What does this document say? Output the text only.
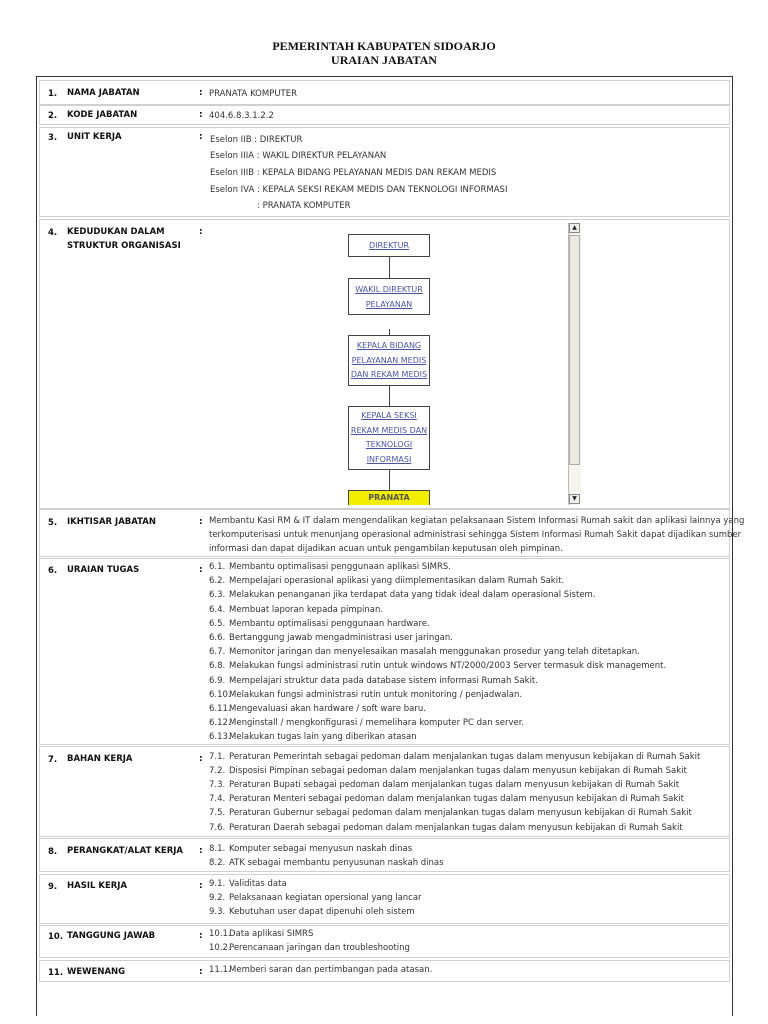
PEMERINTAH KABUPATEN SIDOARJO
URAIAN JABATAN
1. NAMA JABATAN	: PRANATA KOMPUTER
2. KODE JABATAN	: 404.6.8.3.1.2.2
3. UNIT KERJA	: Eselon IIB : DIREKTUR
Eselon IIIA : WAKIL DIREKTUR PELAYANAN
Eselon IIIB : KEPALA BIDANG PELAYANAN MEDIS DAN REKAM MEDIS
Eselon IVA : KEPALA SEKSI REKAM MEDIS DAN TEKNOLOGI INFORMASI
: PRANATA KOMPUTER
4. KEDUDUKAN DALAM
STRUKTUR ORGANISASI
:
DIREKTUR
WAKIL DIREKTUR
PELAYANAN
KEPALA BIDANG
PELAYANAN MEDIS
DAN REKAM MEDIS
KEPALA SEKSI
REKAM MEDIS DAN
TEKNOLOGI
INFORMASI
PRANATA
▲
▼
5. IKHTISAR JABATAN	: Membantu Kasi RM & IT dalam mengendalikan kegiatan pelaksanaan Sistem Informasi Rumah sakit dan aplikasi lainnya yang
terkomputerisasi untuk menunjang operasional administrasi sehingga Sistem Informasi Rumah Sakit dapat dijadikan sumber
informasi dan dapat dijadikan acuan untuk pengambilan keputusan oleh pimpinan.
6. URAIAN TUGAS	: 6.1. Membantu optimalisasi penggunaan aplikasi SIMRS.
6.2. Mempelajari operasional aplikasi yang diimplementasikan dalam Rumah Sakit.
6.3. Melakukan penanganan jika terdapat data yang tidak ideal dalam operasional Sistem.
6.4. Membuat laporan kepada pimpinan.
6.5. Membantu optimalisasi penggunaan hardware.
6.6. Bertanggung jawab mengadministrasi user jaringan.
6.7. Memonitor jaringan dan menyelesaikan masalah menggunakan prosedur yang telah ditetapkan.
6.8. Melakukan fungsi administrasi rutin untuk windows NT/2000/2003 Server termasuk disk management.
6.9. Mempelajari struktur data pada database sistem informasi Rumah Sakit.
6.10.Melakukan fungsi administrasi rutin untuk monitoring / penjadwalan.
6.11.Mengevaluasi akan hardware / soft ware baru.
6.12.Menginstall / mengkonfigurasi / memelihara komputer PC dan server.
6.13.Melakukan tugas lain yang diberikan atasan
7. BAHAN KERJA	: 7.1. Peraturan Pemerintah sebagai pedoman dalam menjalankan tugas dalam menyusun kebijakan di Rumah Sakit
7.2. Disposisi Pimpinan sebagai pedoman dalam menjalankan tugas dalam menyusun kebijakan di Rumah Sakit
7.3. Peraturan Bupati sebagai pedoman dalam menjalankan tugas dalam menyusun kebijakan di Rumah Sakit
7.4. Peraturan Menteri sebagai pedoman dalam menjalankan tugas dalam menyusun kebijakan di Rumah Sakit
7.5. Peraturan Gubernur sebagai pedoman dalam menjalankan tugas dalam menyusun kebijakan di Rumah Sakit
7.6. Peraturan Daerah sebagai pedoman dalam menjalankan tugas dalam menyusun kebijakan di Rumah Sakit
8. PERANGKAT/ALAT KERJA : 8.1. Komputer sebagai menyusun naskah dinas
8.2. ATK sebagai membantu penyusunan naskah dinas
9. HASIL KERJA	: 9.1. Validitas data
9.2. Pelaksanaan kegiatan opersional yang lancar
9.3. Kebutuhan user dapat dipenuhi oleh sistem
10. TANGGUNG JAWAB	: 10.1.Data aplikasi SIMRS
10.2.Perencanaan jaringan dan troubleshooting
11. WEWENANG	: 11.1.Memberi saran dan pertimbangan pada atasan.
